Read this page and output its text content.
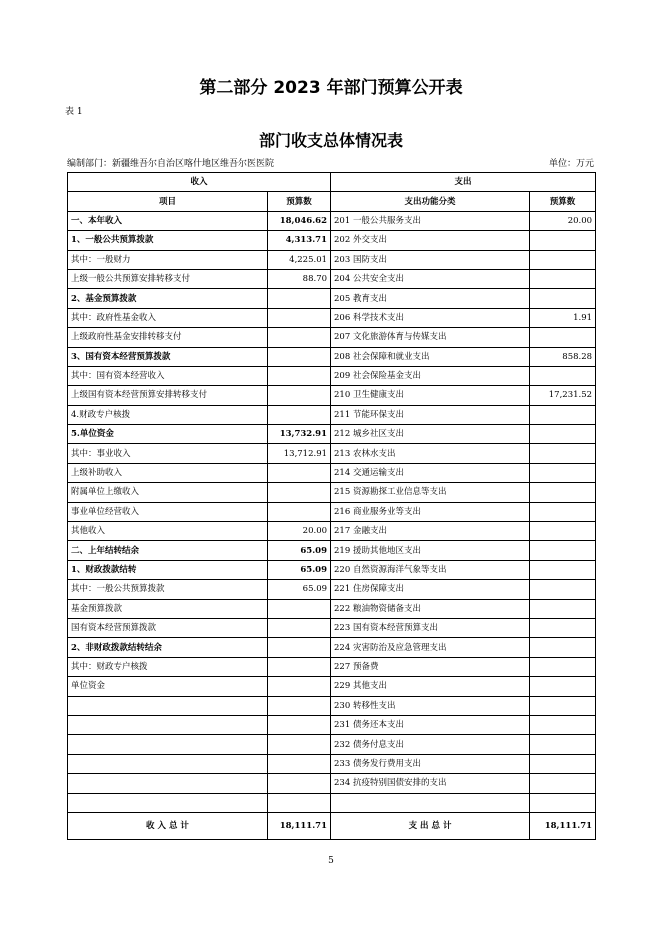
第二部分 2023 年部门预算公开表
表 1
部门收支总体情况表
编制部门：新疆维吾尔自治区喀什地区维吾尔医医院	单位：万元
收入		支出	
项目	预算数	支出功能分类	预算数
一、本年收入	18,046.62	201 一般公共服务支出	20.00
1、一般公共预算拨款	4,313.71	202 外交支出	
其中：一般财力	4,225.01	203 国防支出	
上级一般公共预算安排转移支付	88.70	204 公共安全支出	
2、基金预算拨款		205 教育支出	
其中：政府性基金收入		206 科学技术支出	1.91
上级政府性基金安排转移支付		207 文化旅游体育与传媒支出	
3、国有资本经营预算拨款		208 社会保障和就业支出	858.28
其中：国有资本经营收入		209 社会保险基金支出	
上级国有资本经营预算安排转移支付		210 卫生健康支出	17,231.52
4.财政专户核拨		211 节能环保支出	
5.单位资金	13,732.91	212 城乡社区支出	
其中：事业收入	13,712.91	213 农林水支出	
上级补助收入		214 交通运输支出	
附属单位上缴收入		215 资源勘探工业信息等支出	
事业单位经营收入		216 商业服务业等支出	
其他收入	20.00	217 金融支出	
二、上年结转结余	65.09	219 援助其他地区支出	
1、财政拨款结转	65.09	220 自然资源海洋气象等支出	
其中：一般公共预算拨款	65.09	221 住房保障支出	
基金预算拨款		222 粮油物资储备支出	
国有资本经营预算拨款		223 国有资本经营预算支出	
2、非财政拨款结转结余		224 灾害防治及应急管理支出	
其中：财政专户核拨		227 预备费	
单位资金		229 其他支出	
		230 转移性支出	
		231 债务还本支出	
		232 债务付息支出	
		233 债务发行费用支出	
		234 抗疫特别国债安排的支出	

收 入 总 计	18,111.71	支 出 总 计	18,111.71
5
